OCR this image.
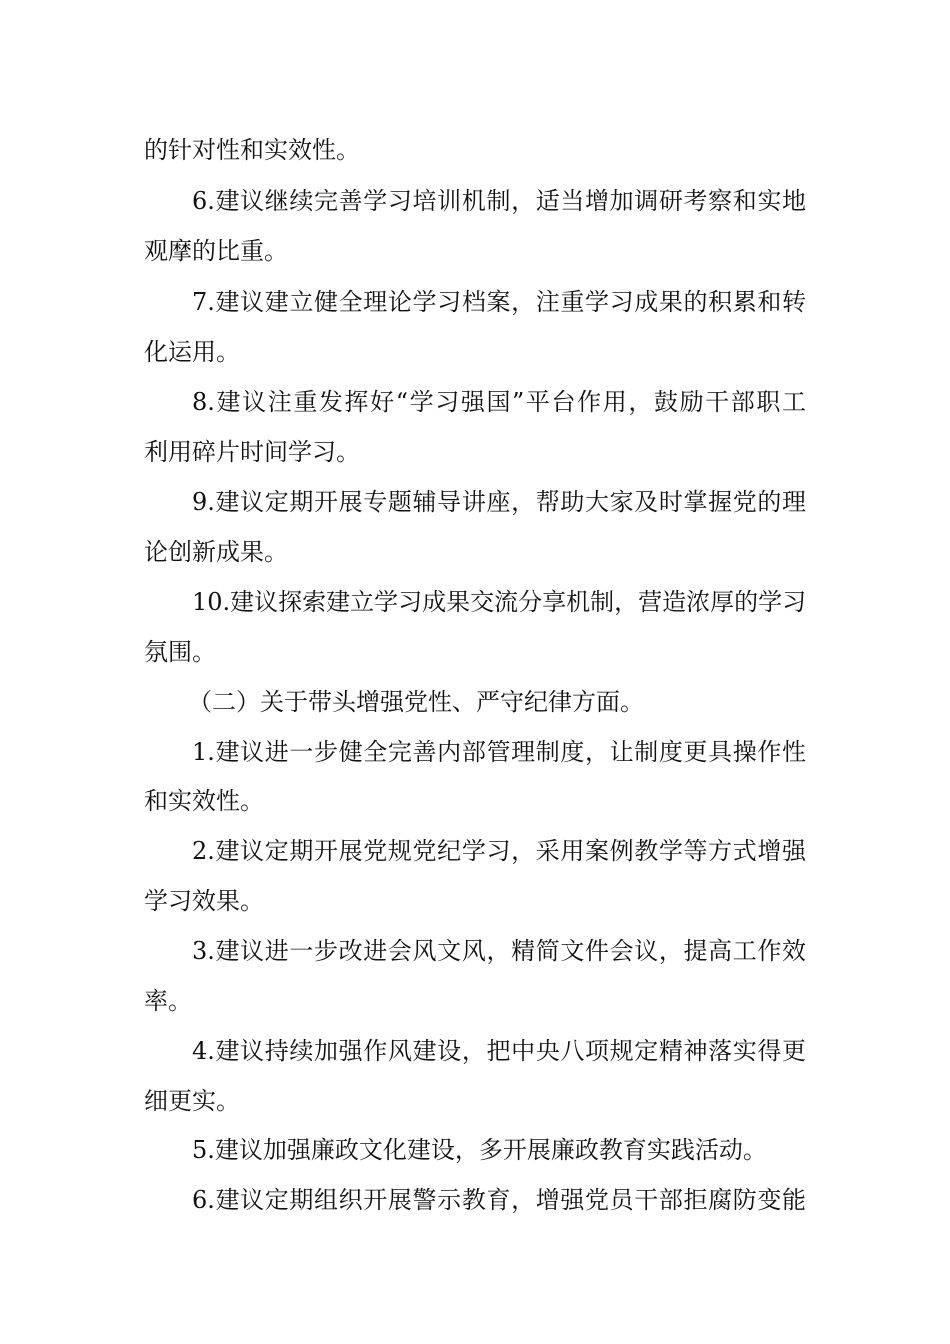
的针对性和实效性。
6.建议继续完善学习培训机制，适当增加调研考察和实地
观摩的比重。
7.建议建立健全理论学习档案，注重学习成果的积累和转
化运用。
8.建议注重发挥好“学习强国”平台作用，鼓励干部职工
利用碎片时间学习。
9.建议定期开展专题辅导讲座，帮助大家及时掌握党的理
论创新成果。
10.建议探索建立学习成果交流分享机制，营造浓厚的学习
氛围。
（二）关于带头增强党性、严守纪律方面。
1.建议进一步健全完善内部管理制度，让制度更具操作性
和实效性。
2.建议定期开展党规党纪学习，采用案例教学等方式增强
学习效果。
3.建议进一步改进会风文风，精简文件会议，提高工作效
率。
4.建议持续加强作风建设，把中央八项规定精神落实得更
细更实。
5.建议加强廉政文化建设，多开展廉政教育实践活动。
6.建议定期组织开展警示教育，增强党员干部拒腐防变能
